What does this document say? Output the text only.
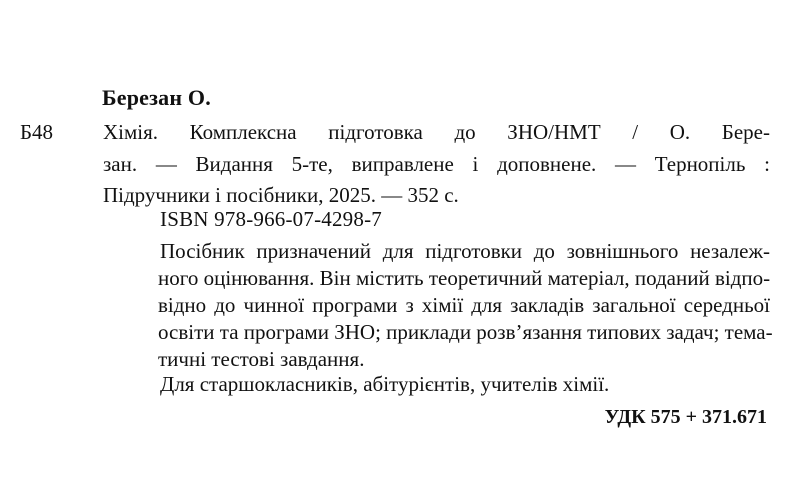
Березан О.
Б48 Хімія. Комплексна підготовка до ЗНО/НМТ / О. Бере-
зан. — Видання 5-те, виправлене і доповнене. — Тернопіль :
Підручники і посібники, 2025. — 352 с.
ISBN 978-966-07-4298-7
Посібник призначений для підготовки до зовнішнього незалеж-
ного оцінювання. Він містить теоретичний матеріал, поданий відпо-
відно до чинної програми з хімії для закладів загальної середньої
освіти та програми ЗНО; приклади розв’язання типових задач; тема-
тичні тестові завдання.
Для старшокласників, абітурієнтів, учителів хімії.
УДК 575 + 371.671
